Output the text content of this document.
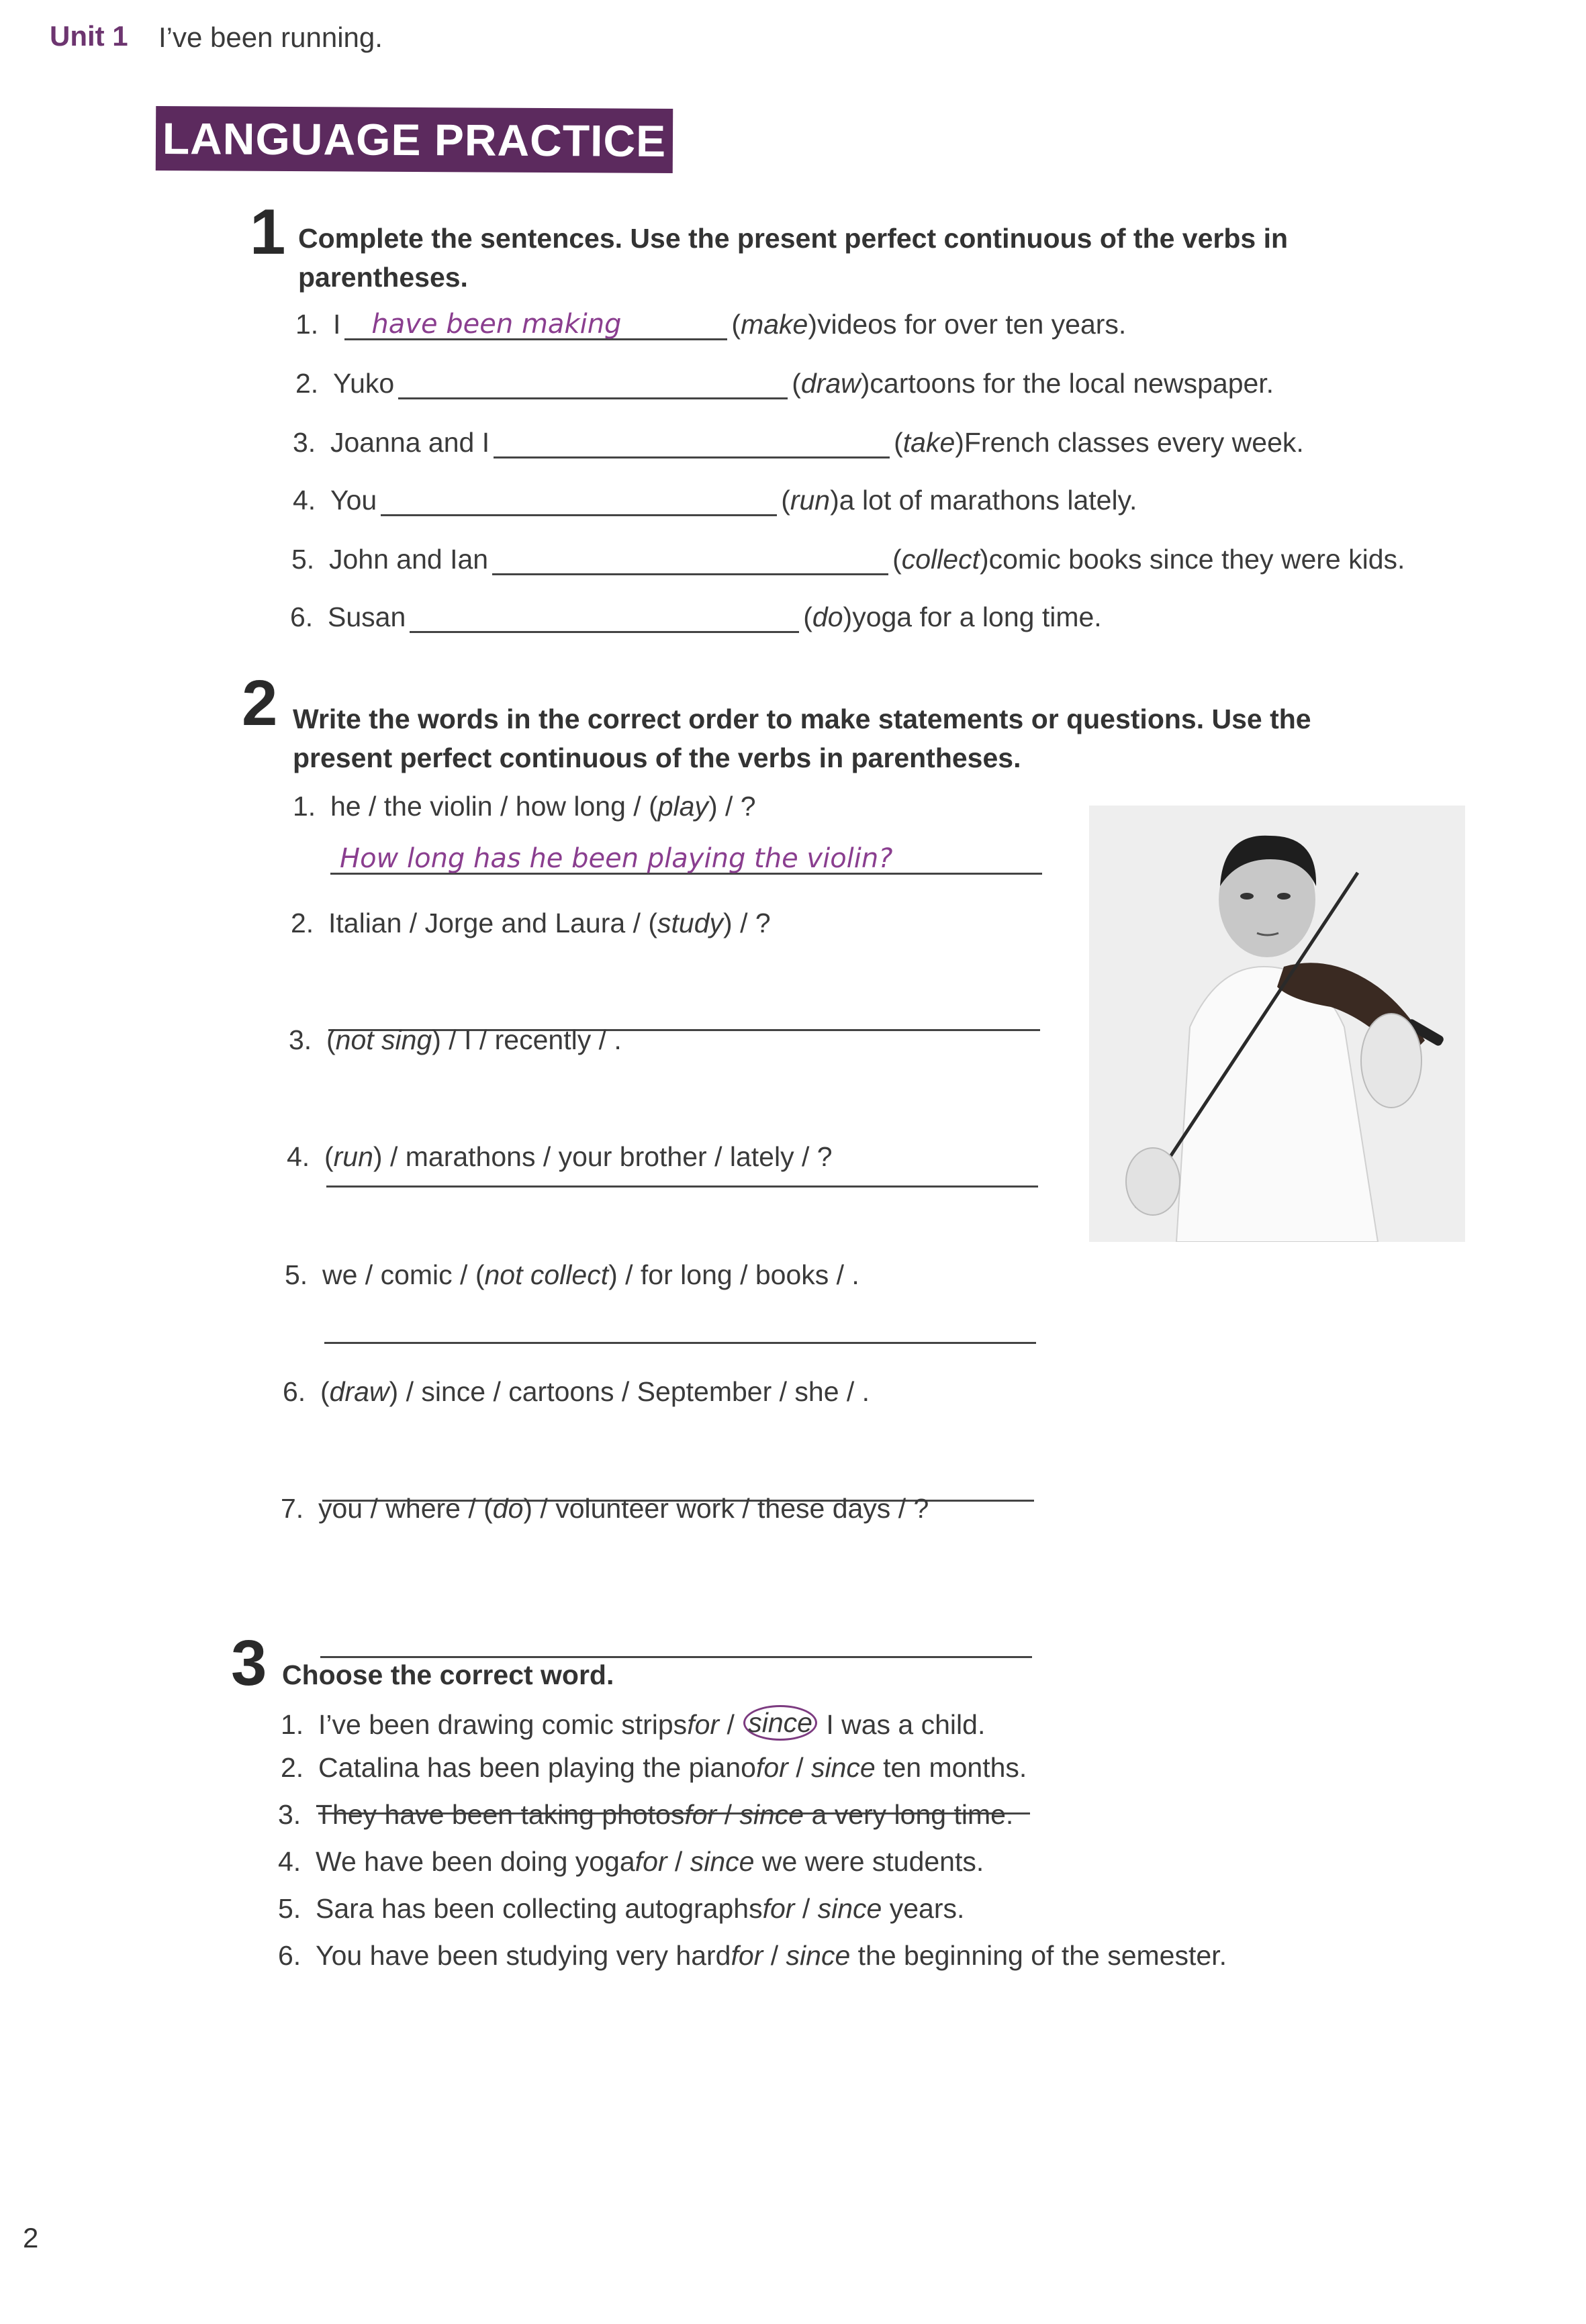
Unit 1 I’ve been running.
LANGUAGE PRACTICE
1 Complete the sentences. Use the present perfect continuous of the verbs in parentheses.
1. I have been making	( make ) videos for over ten years.
2. Yuko	( draw ) cartoons for the local newspaper.
3. Joanna and I	( take ) French classes every week.
4. You	( run ) a lot of marathons lately.
5. John and Ian	( collect ) comic books since they were kids.
6. Susan	( do ) yoga for a long time.
2 Write the words in the correct order to make statements or questions. Use the present perfect continuous of the verbs in parentheses.
1. he / the violin / how long / ( play ) / ?
How long has he been playing the violin?
2. Italian / Jorge and Laura / ( study ) / ?
3. ( not sing ) / I / recently / .
4. ( run ) / marathons / your brother / lately / ?
5. we / comic / ( not collect ) / for long / books / .
6. ( draw ) / since / cartoons / September / she / .
7. you / where / ( do ) / volunteer work / these days / ?
3 Choose the correct word.
1. I’ve been drawing comic strips for / since I was a child.
2. Catalina has been playing the piano for / since ten months.
3. They have been taking photos for / since a very long time.
4. We have been doing yoga for / since we were students.
5. Sara has been collecting autographs for / since years.
6. You have been studying very hard for / since the beginning of the semester.
2
